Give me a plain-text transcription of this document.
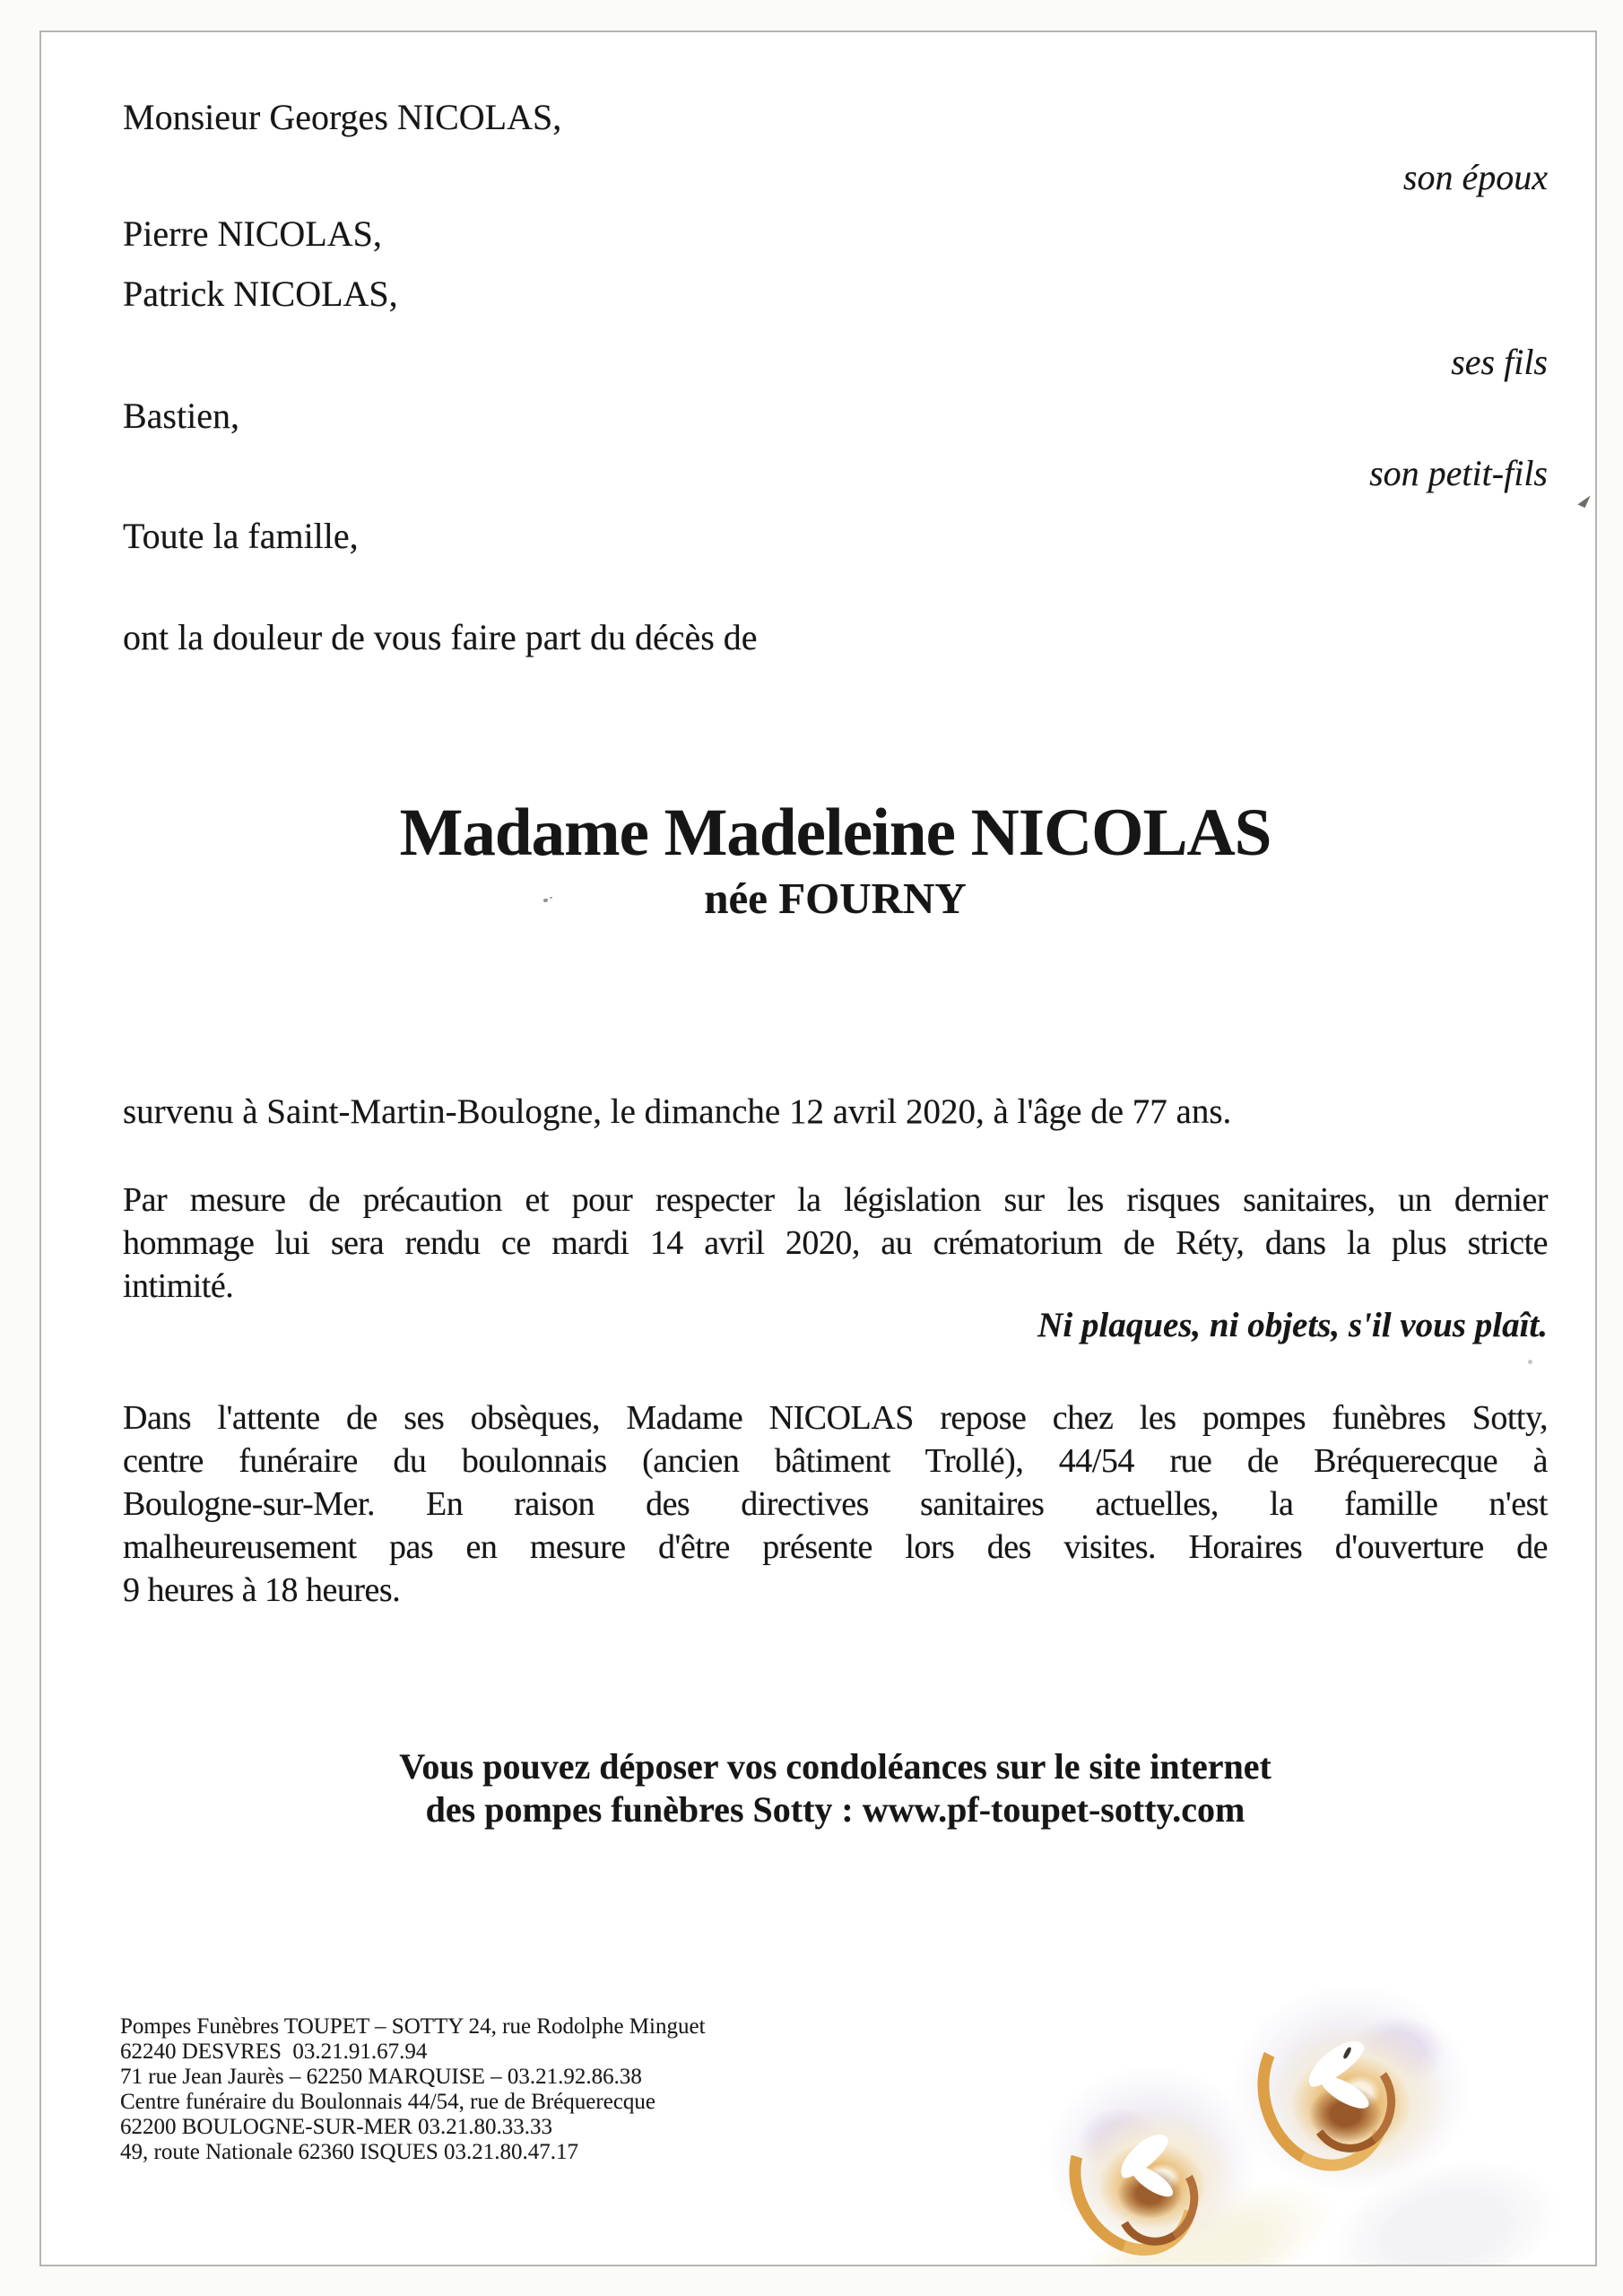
Monsieur Georges NICOLAS,
son époux
Pierre NICOLAS,
Patrick NICOLAS,
ses fils
Bastien,
son petit-fils
Toute la famille,
ont la douleur de vous faire part du décès de
Madame Madeleine NICOLAS
née FOURNY
survenu à Saint-Martin-Boulogne, le dimanche 12 avril 2020, à l'âge de 77 ans.
Par mesure de précaution et pour respecter la législation sur les risques sanitaires, un dernier
hommage lui sera rendu ce mardi 14 avril 2020, au crématorium de Réty, dans la plus stricte
intimité.
Ni plaques, ni objets, s'il vous plaît.
Dans l'attente de ses obsèques, Madame NICOLAS repose chez les pompes funèbres Sotty,
centre funéraire du boulonnais (ancien bâtiment Trollé), 44/54 rue de Bréquerecque à
Boulogne-sur-Mer. En raison des directives sanitaires actuelles, la famille n'est
malheureusement pas en mesure d'être présente lors des visites. Horaires d'ouverture de
9 heures à 18 heures.
Vous pouvez déposer vos condoléances sur le site internet
des pompes funèbres Sotty : www.pf-toupet-sotty.com
Pompes Funèbres TOUPET – SOTTY 24, rue Rodolphe Minguet
62240 DESVRES  03.21.91.67.94
71 rue Jean Jaurès – 62250 MARQUISE – 03.21.92.86.38
Centre funéraire du Boulonnais 44/54, rue de Bréquerecque
62200 BOULOGNE-SUR-MER 03.21.80.33.33
49, route Nationale 62360 ISQUES 03.21.80.47.17
